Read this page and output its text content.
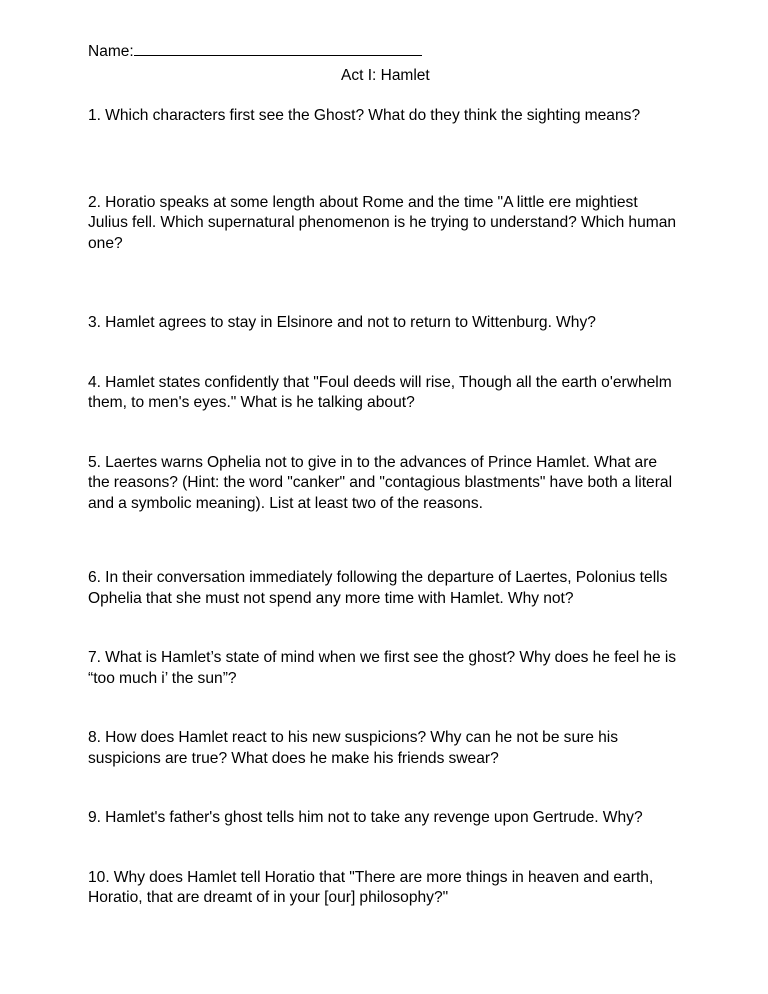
Name:
Act I: Hamlet

1. Which characters first see the Ghost? What do they think the sighting means?

2. Horatio speaks at some length about Rome and the time "A little ere mightiest Julius fell. Which supernatural phenomenon is he trying to understand? Which human one?

3. Hamlet agrees to stay in Elsinore and not to return to Wittenburg. Why?

4. Hamlet states confidently that "Foul deeds will rise, Though all the earth o'erwhelm them, to men's eyes." What is he talking about?

5. Laertes warns Ophelia not to give in to the advances of Prince Hamlet. What are the reasons? (Hint: the word "canker" and "contagious blastments" have both a literal and a symbolic meaning). List at least two of the reasons.

6. In their conversation immediately following the departure of Laertes, Polonius tells Ophelia that she must not spend any more time with Hamlet. Why not?

7. What is Hamlet’s state of mind when we first see the ghost? Why does he feel he is “too much i’ the sun”?

8. How does Hamlet react to his new suspicions? Why can he not be sure his suspicions are true? What does he make his friends swear?

9. Hamlet's father's ghost tells him not to take any revenge upon Gertrude. Why?

10. Why does Hamlet tell Horatio that "There are more things in heaven and earth, Horatio, that are dreamt of in your [our] philosophy?"
